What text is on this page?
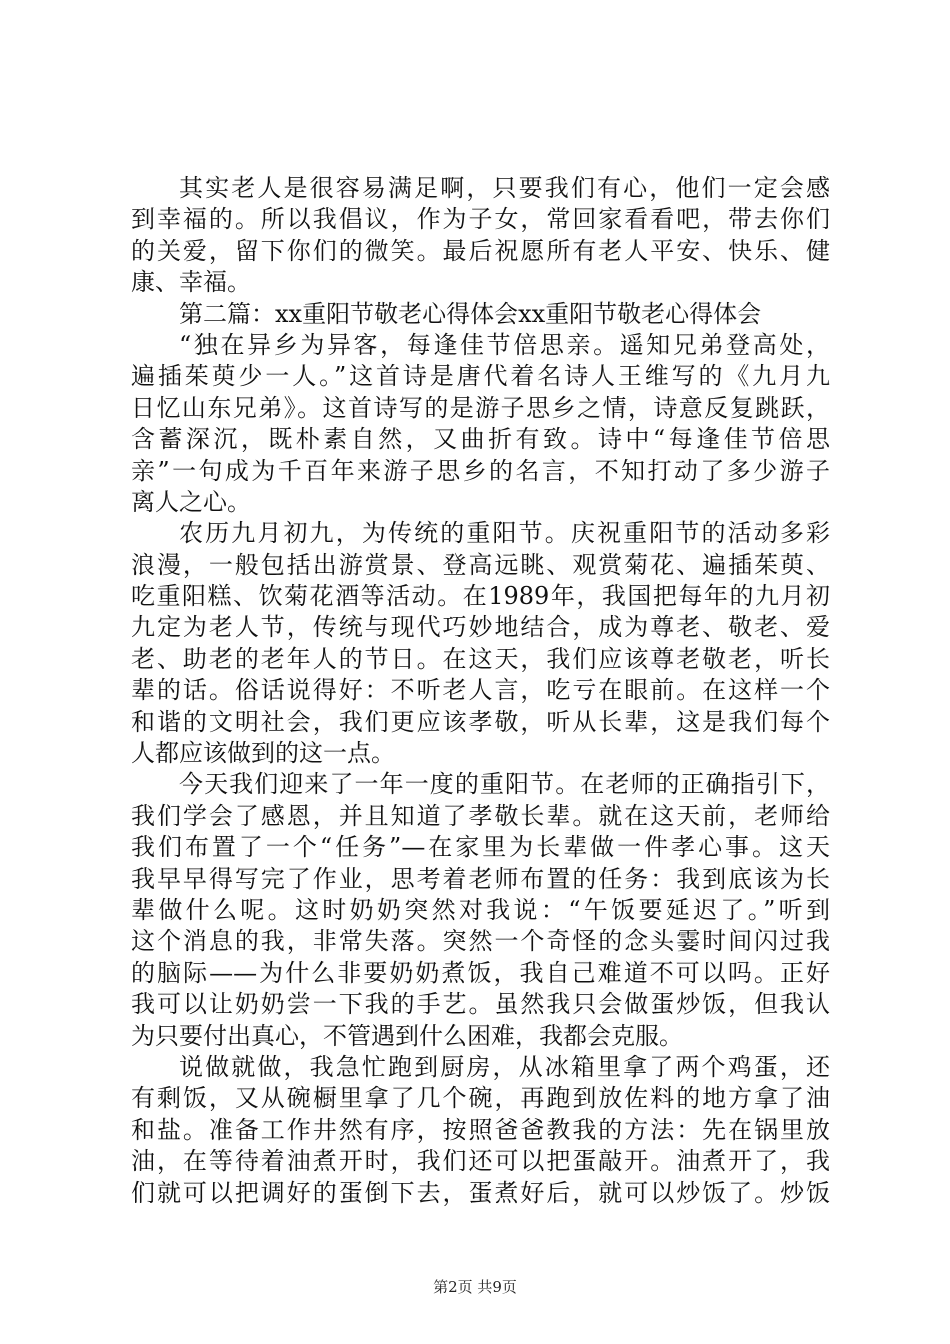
其实老人是很容易满足啊，只要我们有心，他们一定会感
到幸福的。所以我倡议，作为子女，常回家看看吧，带去你们
的关爱，留下你们的微笑。最后祝愿所有老人平安、快乐、健
康、幸福。
第二篇：xx重阳节敬老心得体会xx重阳节敬老心得体会
“独在异乡为异客，每逢佳节倍思亲。遥知兄弟登高处，
遍插茱萸少一人。”这首诗是唐代着名诗人王维写的《九月九
日忆山东兄弟》。这首诗写的是游子思乡之情，诗意反复跳跃，
含蓄深沉，既朴素自然，又曲折有致。诗中“每逢佳节倍思
亲”一句成为千百年来游子思乡的名言，不知打动了多少游子
离人之心。
农历九月初九，为传统的重阳节。庆祝重阳节的活动多彩
浪漫，一般包括出游赏景、登高远眺、观赏菊花、遍插茱萸、
吃重阳糕、饮菊花酒等活动。在1989年，我国把每年的九月初
九定为老人节，传统与现代巧妙地结合，成为尊老、敬老、爱
老、助老的老年人的节日。在这天，我们应该尊老敬老，听长
辈的话。俗话说得好：不听老人言，吃亏在眼前。在这样一个
和谐的文明社会，我们更应该孝敬，听从长辈，这是我们每个
人都应该做到的这一点。
今天我们迎来了一年一度的重阳节。在老师的正确指引下，
我们学会了感恩，并且知道了孝敬长辈。就在这天前，老师给
我们布置了一个“任务”—在家里为长辈做一件孝心事。这天
我早早得写完了作业，思考着老师布置的任务：我到底该为长
辈做什么呢。这时奶奶突然对我说：“午饭要延迟了。”听到
这个消息的我，非常失落。突然一个奇怪的念头霎时间闪过我
的脑际——为什么非要奶奶煮饭，我自己难道不可以吗。正好
我可以让奶奶尝一下我的手艺。虽然我只会做蛋炒饭，但我认
为只要付出真心，不管遇到什么困难，我都会克服。
说做就做，我急忙跑到厨房，从冰箱里拿了两个鸡蛋，还
有剩饭，又从碗橱里拿了几个碗，再跑到放佐料的地方拿了油
和盐。准备工作井然有序，按照爸爸教我的方法：先在锅里放
油，在等待着油煮开时，我们还可以把蛋敲开。油煮开了，我
们就可以把调好的蛋倒下去，蛋煮好后，就可以炒饭了。炒饭
第2页 共9页
